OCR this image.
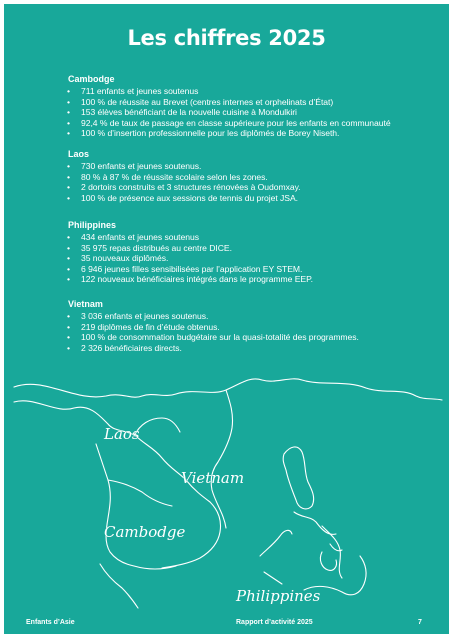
Les chiffres 2025
Cambodge
• 711 enfants et jeunes soutenus
• 100 % de réussite au Brevet (centres internes et orphelinats d’État)
• 153 élèves bénéficiant de la nouvelle cuisine à Mondulkiri
• 92,4 % de taux de passage en classe supérieure pour les enfants en communauté
• 100 % d’insertion professionnelle pour les diplômés de Borey Niseth.
Laos
• 730 enfants et jeunes soutenus.
• 80 % à 87 % de réussite scolaire selon les zones.
• 2 dortoirs construits et 3 structures rénovées à Oudomxay.
• 100 % de présence aux sessions de tennis du projet JSA.
Philippines
• 434 enfants et jeunes soutenus
• 35 975 repas distribués au centre DICE.
• 35 nouveaux diplômés.
• 6 946 jeunes filles sensibilisées par l’application EY STEM.
• 122 nouveaux bénéficiaires intégrés dans le programme EEP.
Vietnam
• 3 036 enfants et jeunes soutenus.
• 219 diplômes de fin d’étude obtenus.
• 100 % de consommation budgétaire sur la quasi-totalité des programmes.
• 2 326 bénéficiaires directs.
Laos
Vietnam
Cambodge
Philippines
Enfants d’Asie	Rapport d’activité 2025	7
